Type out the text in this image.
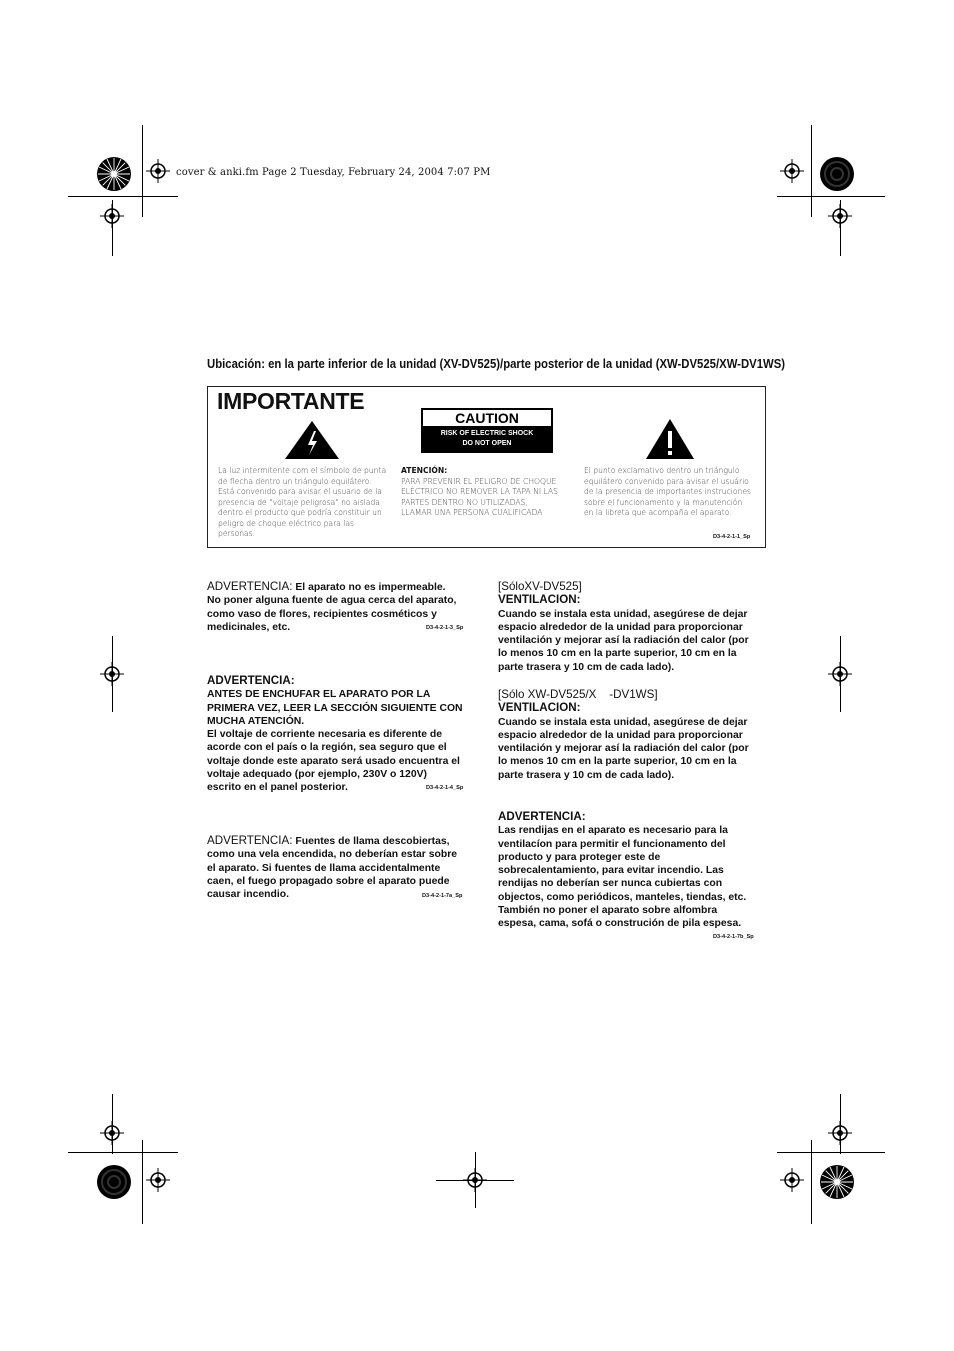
cover & anki.fm Page 2 Tuesday, February 24, 2004 7:07 PM
Ubicación: en la parte inferior de la unidad (XV-DV525)/parte posterior de la unidad (XW-DV525/XW-DV1WS)
IMPORTANTE
CAUTION
RISK OF ELECTRIC SHOCK
DO NOT OPEN
La luz intermitente com el símbolo de punta
de flecha dentro un triángulo equilátero.
Está convenido para avisar el usuario de la
presencia de "voltaje peligrosa" no aislada
dentro el producto que podría constituir un
peligro de choque eléctrico para las
personas.
ATENCIÓN:
PARA PREVENIR EL PELIGRO DE CHOQUE
ELÉCTRICO NO REMOVER LA TAPA NI LAS
PARTES DENTRO NO UTILIZADAS,
LLAMAR UNA PERSONA CUALIFICADA
El punto exclamativo dentro un triángulo
equilátero convenido para avisar el usuário
de la presencia de importantes instruciones
sobre el funcionamento y la manutención
en la libreta que acompaña el aparato.
D3-4-2-1-1_Sp
ADVERTENCIA: El aparato no es impermeable.
No poner alguna fuente de agua cerca del aparato,
como vaso de flores, recipientes cosméticos y
medicinales, etc.	D3-4-2-1-3_Sp
ADVERTENCIA:
ANTES DE ENCHUFAR EL APARATO POR LA
PRIMERA VEZ, LEER LA SECCIÓN SIGUIENTE CON
MUCHA ATENCIÓN.
El voltaje de corriente necesaria es diferente de
acorde con el país o la región, sea seguro que el
voltaje donde este aparato será usado encuentra el
voltaje adequado (por ejemplo, 230V o 120V)
escrito en el panel posterior.	D3-4-2-1-4_Sp
ADVERTENCIA: Fuentes de llama descobiertas,
como una vela encendida, no deberían estar sobre
el aparato. Si fuentes de llama accidentalmente
caen, el fuego propagado sobre el aparato puede
causar incendio.	D3-4-2-1-7a_Sp
[SóloXV-DV525]
VENTILACION:
Cuando se instala esta unidad, asegúrese de dejar
espacio alrededor de la unidad para proporcionar
ventilación y mejorar así la radiación del calor (por
lo menos 10 cm en la parte superior, 10 cm en la
parte trasera y 10 cm de cada lado).
[Sólo XW-DV525/X    -DV1WS]
VENTILACION:
Cuando se instala esta unidad, asegúrese de dejar
espacio alrededor de la unidad para proporcionar
ventilación y mejorar así la radiación del calor (por
lo menos 10 cm en la parte superior, 10 cm en la
parte trasera y 10 cm de cada lado).
ADVERTENCIA:
Las rendijas en el aparato es necesario para la
ventilacíon para permitir el funcionamento del
producto y para proteger este de
sobrecalentamiento, para evitar incendio. Las
rendijas no deberían ser nunca cubiertas con
objectos, como periódicos, manteles, tiendas, etc.
También no poner el aparato sobre alfombra
espesa, cama, sofá o construción de pila espesa.
D3-4-2-1-7b_Sp
